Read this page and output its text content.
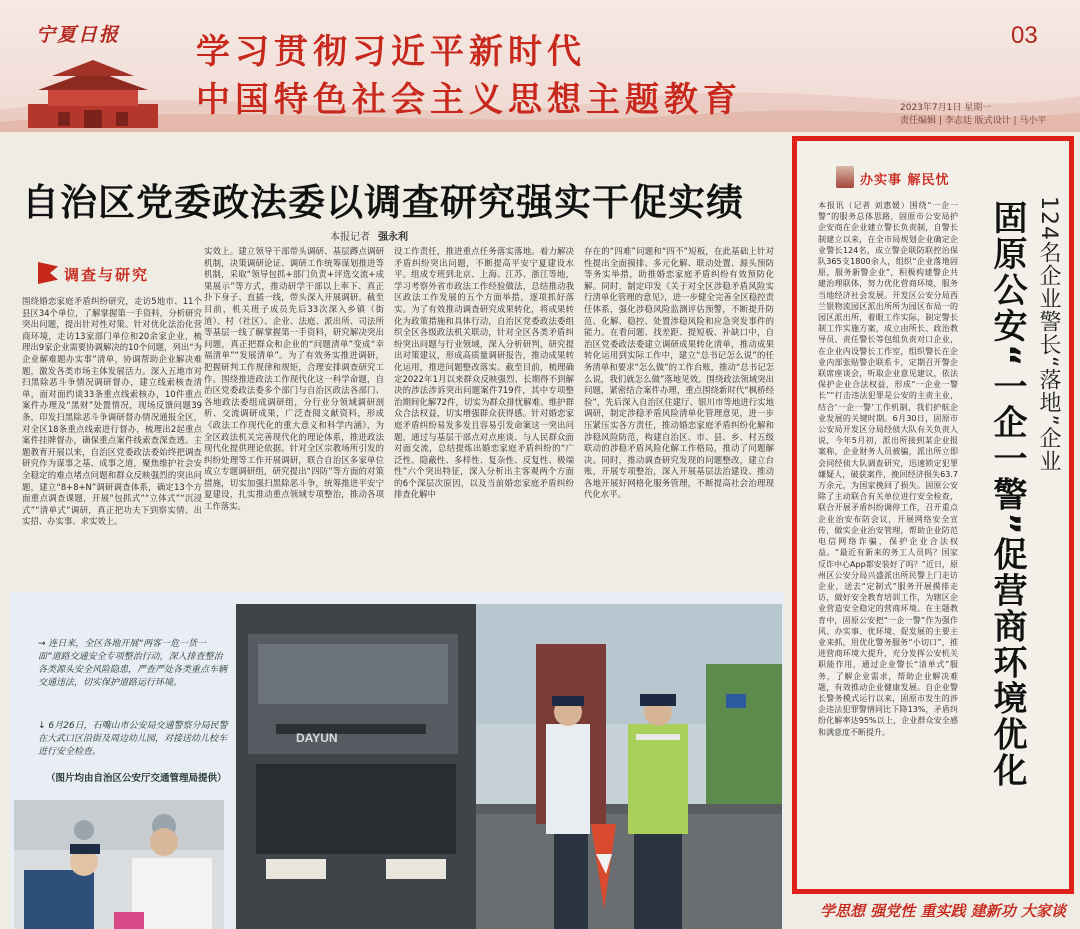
宁夏日报 学习贯彻习近平新时代
中国特色社会主义思想主题教育
03
2023年7月1日 星期一
责任编辑 | 李志廷 版式设计 | 马小平
自治区党委政法委以调查研究强实干促实绩
本报记者 强永利
调查与研究
围绕婚恋家庭矛盾纠纷研究，走访5地市、11个县区34个单位，了解掌握第一手资料，分析研究突出问题，提出针对性对策。针对优化法治化营商环境，走访13家部门单位和20余家企业，梳理出9家企业需要协调解决的10个问题，列出“为企业解难题办实事”清单，协调帮助企业解决难题，激发各类市场主体发展活力。深入五地市对扫黑除恶斗争情况调研督办，建立线索核查清单，面对面约谈33条重点线索核办，10件重点案件办理及“黑财”处置情况，现场反馈问题39条，印发扫黑除恶斗争调研督办情况通报全区，对全区18条重点线索进行督办，梳理出2起重点案件挂牌督办，确保重点案件线索查深查透。主题教育开展以来，自治区党委政法委始终把调查研究作为谋事之基、成事之道，聚焦维护社会安全稳定的难点堵点问题和群众反映强烈的突出问题，建立“8+8+N”调研调查体系，确定13个方面重点调查课题，开展“包抓式”“立体式”“沉浸式”“清单式”调研，真正把功夫下到察实情、出实招、办实事、求实效上。
实效上。建立领导干部带头调研、基层蹲点调研机制，决策调研论证、调研工作统筹谋划推进等机制，采取“领导包抓+部门负责+评选交流+成果展示”等方式，推动研学干部以上率下、真正扑下身子、直插一线，带头深入开展调研。截至目前，机关班子成员先后33次深入乡镇（街道）、村（社区）、企业、法庭、派出所、司法所等基层一线了解掌握第一手资料，研究解决突出问题，真正把群众和企业的“问题清单”变成“幸福清单”“发展清单”。为了有效务实推进调研，把握研判工作规律和规矩，合理安排调查研究工作。围绕推进政法工作现代化这一科学命题，自治区党委政法委多个部门与自治区政法各部门、各地政法委组成调研组，分行业分领域调研剖析、交流调研成果，广泛查阅文献资料，形成《政法工作现代化的重大意义和科学内涵》，为全区政法机关完善现代化的理论体系，推进政法现代化提供理论依据。针对全区宗教场所引发的纠纷处理等工作开展调研，联合自治区多家单位成立专题调研组，研究提出“四防”等方面的对策措施，切实加强扫黑除恶斗争，统筹推进平安宁夏建设，扎实推动重点领域专项整治，推动各项工作落实。
设工作责任，推进重点任务落实落地。着力解决矛盾纠纷突出问题，不断提高平安宁夏建设水平。组成专班到北京、上海、江苏、浙江等地，学习考察外省市政法工作经验做法，总结推动我区政法工作发展的五个方面举措，逐项抓好落实。为了有效推动调查研究成果转化，将成果转化为政策措施和具体行动，自治区党委政法委组织全区各级政法机关联动，针对全区各类矛盾纠纷突出问题与行业领域，深入分析研判，研究提出对策建议，形成高质量调研报告，推动成果转化运用，推进问题整改落实。截至目前，梳理确定2022年1月以来群众反映强烈、长期得不到解决的涉法涉诉突出问题案件719件，其中专项整治期间化解72件，切实为群众排忧解难、维护群众合法权益，切实增强群众获得感。针对婚恋家庭矛盾纠纷易发多发且容易引发命案这一突出问题，通过与基层干部点对点座谈、与人民群众面对面交流，总结提炼出婚恋家庭矛盾纠纷的“广泛性、隐蔽性、多样性、复杂性、反复性、极端性”六个突出特征，深入分析出主客观两个方面的6个深层次原因，以及当前婚恋家庭矛盾纠纷排查化解中
存在的“四难”问题和“四不”短板，在此基础上针对性提出全面摸排、多元化解、联动处置、源头预防等务实举措，助推婚恋家庭矛盾纠纷有效预防化解。同时，制定印发《关于对全区涉稳矛盾风险实行清单化管理的意见》，进一步健全完善全区稳控责任体系，强化涉稳风险监测评估预警，不断提升防范、化解、稳控、处置涉稳风险和应急突发事件的能力。在看问题、找差距、提短板、补缺口中，自治区党委政法委建立调研成果转化清单，推动成果转化运用到实际工作中，建立“总书记怎么说”的任务清单和要求“怎么做”的工作台账，推动“总书记怎么说，我们就怎么做”落地见效。围绕政法领域突出问题，紧密结合案件办理，重点围绕新时代“枫桥经验”，先后深入自治区住建厅、银川市等地进行实地调研，制定涉稳矛盾风险清单化管理意见，进一步压紧压实各方责任，推动婚恋家庭矛盾纠纷化解和涉稳风险防范，构建自治区、市、县、乡、村五级联动的涉稳矛盾风险化解工作格局，推动了问题解决。同时，推动调查研究发现的问题整改，建立台账，开展专项整治，深入开展基层法治建设、推动各地开展好网格化服务管理，不断提高社会治理现代化水平。
→ 连日来，全区各地开展“两客一危一货一面”道路交通安全专项整治行动，深入排查整治各类源头安全风险隐患，严查严处各类重点车辆交通违法，切实保护道路运行环境。
↓ 6月26日，石嘴山市公安局交通警察分局民警在大武口区沿街及周边幼儿园，对接送幼儿校车进行安全检查。
（图片均由自治区公安厅交通管理局提供）
DAYUN
办实事 解民忧
本报讯（记者 刘惠媛）围绕“一企一警”的服务总体思路，固原市公安局护企安商在企业建立警长负责制，自警长制建立以来，在全市局规划企业确定企业警长124名，成立警企联防联控治保队365支1800余人，组织“企业落地固原，服务新警企业”，积极构建警企共建治理联体，努力优化营商环境，服务当地经济社会发展。开发区公安分局西兰银物流园区派出所所为园区布局一的园区派出所，着眼工作实际，制定警长制工作实施方案，成立由所长、政治教导员、责任警长等包组负责对口企业，在企业内设警长工作室，组织警长在企业内部张贴警企联系卡，定期召开警企联席座谈会，听取企业意见建议，依法保护企业合法权益，形成“一企业一警长”“打击违法犯罪是公安的主责主业，结合‘一企一警’工作机制，我们护航企业发展的关键时期。6月30日，固原市公安局开发区分局经侦大队有关负责人说，今年5月初，派出所接到某企业报案称，企业财务人员被骗，派出所立即会同经侦大队调查研究，迅速锁定犯罪嫌疑人，破获案件，挽回经济损失63.7万余元，为国家挽回了损失。固原公安除了主动联合有关单位进行安全检查，联合开展矛盾纠纷调停工作，召开重点企业治安布防会议，开展网络安全宣传，做实企业治安管理，帮助企业防范电信网络诈骗，保护企业合法权益。“最近有新来的务工人员吗？国家反诈中心App都安装好了吗？”近日，原州区公安分局兴盛派出所民警上门走访企业，送去“定制式”服务开展摸排走访，做好安全教育培训工作，为辖区企业营造安全稳定的营商环境。在主题教育中，固原公安把“一企一警”作为强作风、办实事、优环境、促发展的主要主业来抓，用优化警务服务“小切口”，推进营商环境大提升，充分发挥公安机关职能作用，通过企业警长“清单式”服务，了解企业需求，帮助企业解决难题，有效推动企业健康发展。自企业警长警务模式运行以来，固原市发生的涉企违法犯罪警情同比下降13%，矛盾纠纷化解率达95%以上，企业群众安全感和满意度不断提升。
124名企业警长“落地”企业
固原公安“一企一警”促营商环境优化
学思想 强党性 重实践 建新功 大家谈
